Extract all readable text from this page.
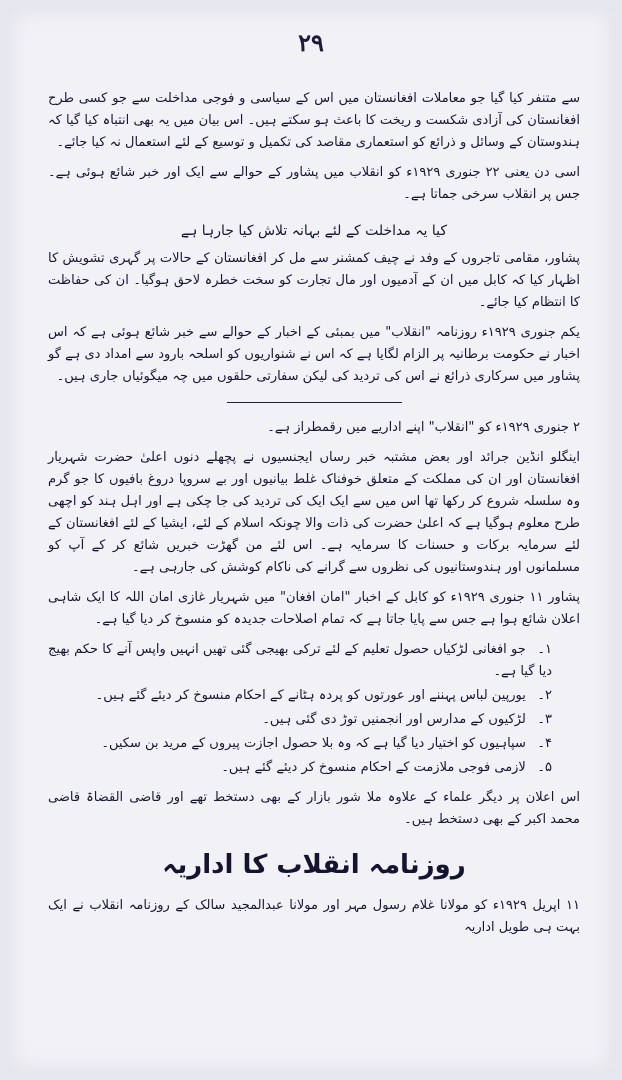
۲۹

سے متنفر کیا گیا جو معاملات افغانستان میں اس کے سیاسی و فوجی مداخلت سے جو کسی طرح افغانستان کی آزادی شکست و ریخت کا باعث ہو سکتے ہیں۔ اس بیان میں یہ بھی انتباہ کیا گیا کہ ہندوستان کے وسائل و ذرائع کو استعماری مقاصد کی تکمیل و توسیع کے لئے استعمال نہ کیا جائے۔

اسی دن یعنی ۲۲ جنوری ۱۹۲۹ء کو انقلاب میں پشاور کے حوالے سے ایک اور خبر شائع ہوئی ہے۔ جس پر انقلاب سرخی جماتا ہے۔

کیا یہ مداخلت کے لئے بہانہ تلاش کیا جارہا ہے

پشاور، مقامی تاجروں کے وفد نے چیف کمشنر سے مل کر افغانستان کے حالات پر گہری تشویش کا اظہار کیا کہ کابل میں ان کے آدمیوں اور مال تجارت کو سخت خطرہ لاحق ہوگیا۔ ان کی حفاظت کا انتظام کیا جائے۔

یکم جنوری ۱۹۲۹ء روزنامہ "انقلاب" میں بمبئی کے اخبار کے حوالے سے خبر شائع ہوئی ہے کہ اس اخبار نے حکومت برطانیہ پر الزام لگایا ہے کہ اس نے شنواریوں کو اسلحہ بارود سے امداد دی ہے گو پشاور میں سرکاری ذرائع نے اس کی تردید کی لیکن سفارتی حلقوں میں چہ میگوئیاں جاری ہیں۔

۲ جنوری ۱۹۲۹ء کو "انقلاب" اپنے اداریے میں رقمطراز ہے۔

اینگلو انڈین جرائد اور بعض مشتبہ خبر رساں ایجنسیوں نے پچھلے دنوں اعلیٰ حضرت شہریار افغانستان اور ان کی مملکت کے متعلق خوفناک غلط بیانیوں اور بے سروپا دروغ بافیوں کا جو گرم وہ سلسلہ شروع کر رکھا تھا اس میں سے ایک ایک کی تردید کی جا چکی ہے اور اہل ہند کو اچھی طرح معلوم ہوگیا ہے کہ اعلیٰ حضرت کی ذات والا چونکہ اسلام کے لئے، ایشیا کے لئے افغانستان کے لئے سرمایہ برکات و حسنات کا سرمایہ ہے۔ اس لئے من گھڑت خبریں شائع کر کے آپ کو مسلمانوں اور ہندوستانیوں کی نظروں سے گرانے کی ناکام کوشش کی جارہی ہے۔

پشاور ۱۱ جنوری ۱۹۲۹ء کو کابل کے اخبار "امان افغان" میں شہریار غازی امان اللہ کا ایک شاہی اعلان شائع ہوا ہے جس سے پایا جاتا ہے کہ تمام اصلاحات جدیدہ کو منسوخ کر دیا گیا ہے۔

۱۔ جو افغانی لڑکیاں حصول تعلیم کے لئے ترکی بھیجی گئی تھیں انہیں واپس آنے کا حکم بھیج دیا گیا ہے۔
۲۔ یورپین لباس پہننے اور عورتوں کو پردہ ہٹانے کے احکام منسوخ کر دیئے گئے ہیں۔
۳۔ لڑکیوں کے مدارس اور انجمنیں توڑ دی گئی ہیں۔
۴۔ سپاہیوں کو اختیار دیا گیا ہے کہ وہ بلا حصول اجازت پیروں کے مرید بن سکیں۔
۵۔ لازمی فوجی ملازمت کے احکام منسوخ کر دیئے گئے ہیں۔

اس اعلان پر دیگر علماء کے علاوہ ملا شور بازار کے بھی دستخط تھے اور قاضی القضاۃ قاضی محمد اکبر کے بھی دستخط ہیں۔

روزنامہ انقلاب کا اداریہ

۱۱ اپریل ۱۹۲۹ء کو مولانا غلام رسول مہر اور مولانا عبدالمجید سالک کے روزنامہ انقلاب نے ایک بہت ہی طویل اداریہ
